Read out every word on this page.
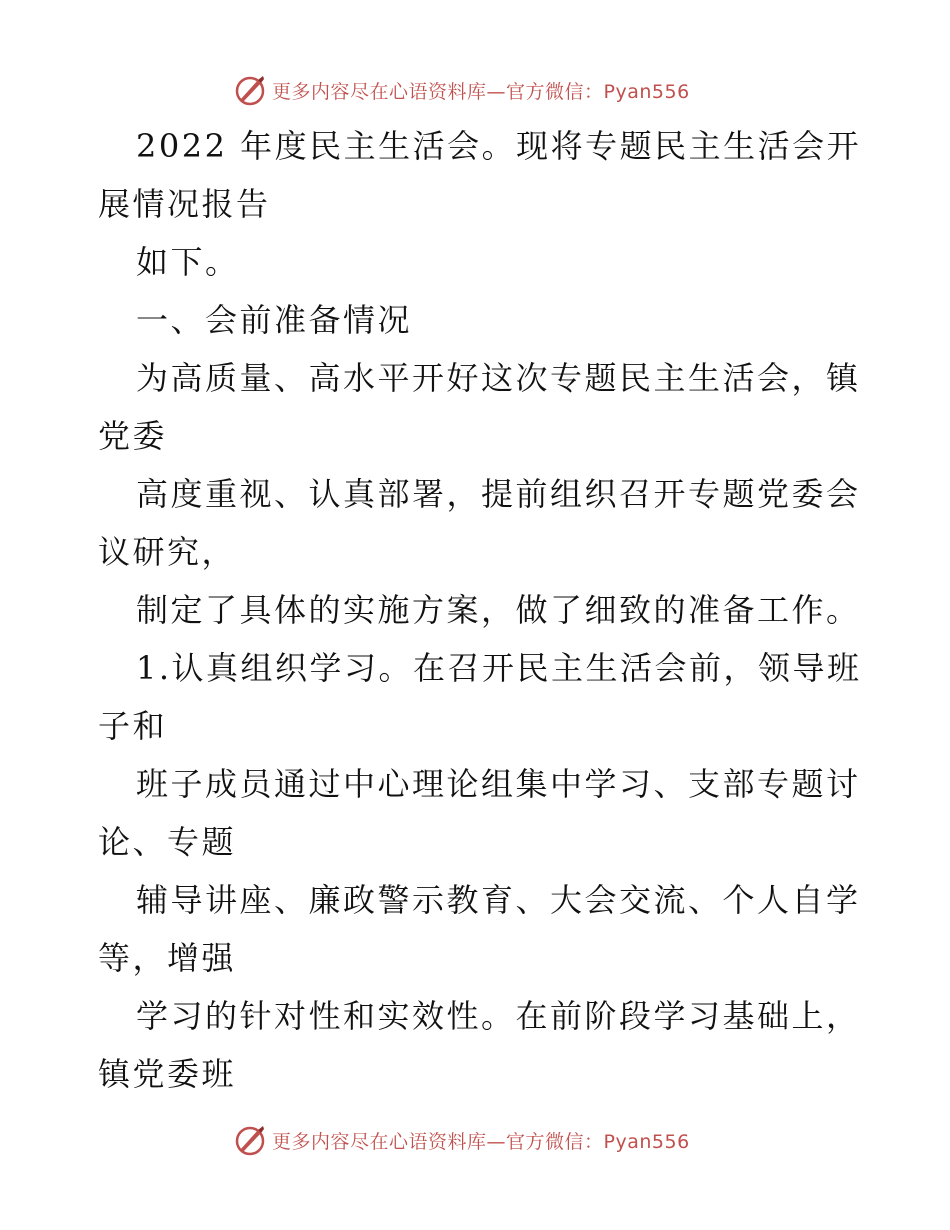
更多内容尽在心语资料库—官方微信：Pyan556
2022 年度民主生活会。现将专题民主生活会开
展情况报告
如下。
一、会前准备情况
为高质量、高水平开好这次专题民主生活会，镇
党委
高度重视、认真部署，提前组织召开专题党委会
议研究，
制定了具体的实施方案，做了细致的准备工作。
1.认真组织学习。在召开民主生活会前，领导班
子和
班子成员通过中心理论组集中学习、支部专题讨
论、专题
辅导讲座、廉政警示教育、大会交流、个人自学
等，增强
学习的针对性和实效性。在前阶段学习基础上，
镇党委班
更多内容尽在心语资料库—官方微信：Pyan556
